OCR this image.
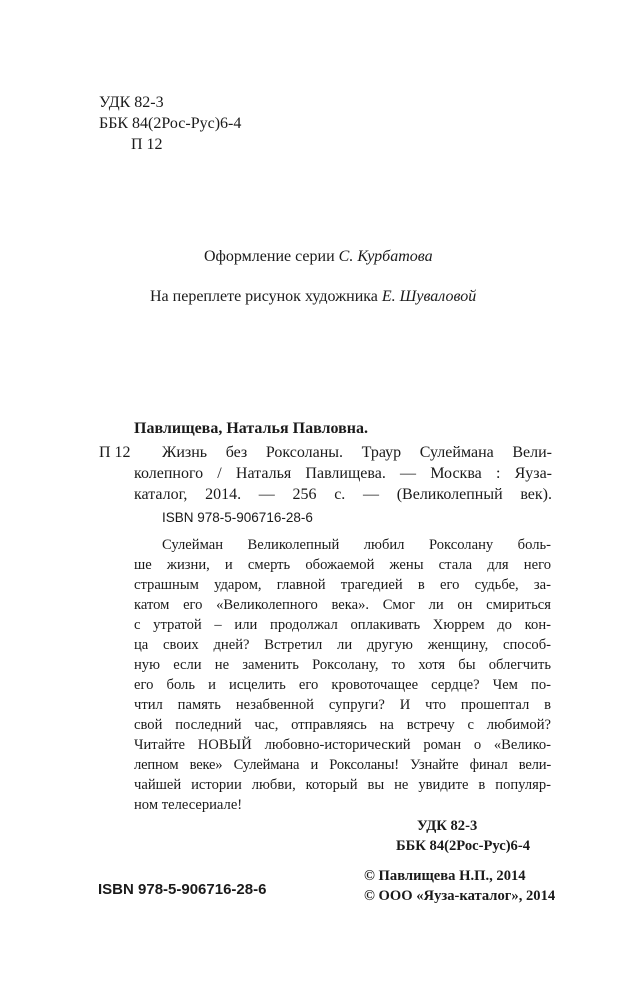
УДК 82-3
ББК 84(2Рос-Рус)6-4
П 12
Оформление серии С. Курбатова
На переплете рисунок художника Е. Шуваловой
Павлищева, Наталья Павловна.
П 12 Жизнь без Роксоланы. Траур Сулеймана Вели-
колепного / Наталья Павлищева. — Москва : Яуза-
каталог, 2014. — 256 с. — (Великолепный век).
ISBN 978-5-906716-28-6
Сулейман Великолепный любил Роксолану боль-
ше жизни, и смерть обожаемой жены стала для него
страшным ударом, главной трагедией в его судьбе, за-
катом его «Великолепного века». Смог ли он смириться
с утратой – или продолжал оплакивать Хюррем до кон-
ца своих дней? Встретил ли другую женщину, способ-
ную если не заменить Роксолану, то хотя бы облегчить
его боль и исцелить его кровоточащее сердце? Чем по-
чтил память незабвенной супруги? И что прошептал в
свой последний час, отправляясь на встречу с любимой?
Читайте НОВЫЙ любовно-исторический роман о «Велико-
лепном веке» Сулеймана и Роксоланы! Узнайте финал вели-
чайшей истории любви, который вы не увидите в популяр-
ном телесериале!
УДК 82-3
ББК 84(2Рос-Рус)6-4
ISBN 978-5-906716-28-6
© Павлищева Н.П., 2014
© ООО «Яуза-каталог», 2014
